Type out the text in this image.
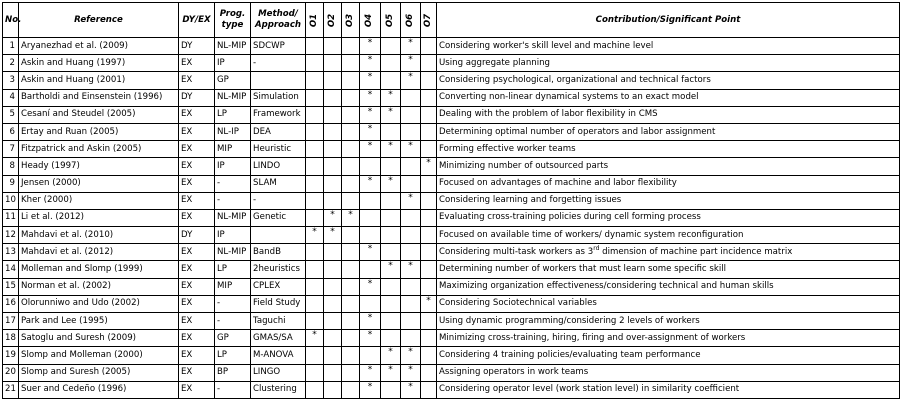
No.	Reference	DY/EX	Prog. type	Method/ Approach	O1	O2	O3	O4	O5	O6	O7	Contribution/Significant Point
1	Aryanezhad et al. (2009)	DY	NL-MIP	SDCWP				*		*		Considering worker's skill level and machine level
2	Askin and Huang (1997)	EX	IP	-				*		*		Using aggregate planning
3	Askin and Huang (2001)	EX	GP					*		*		Considering psychological, organizational and technical factors
4	Bartholdi and Einsenstein (1996)	DY	NL-MIP	Simulation				*	*			Converting non-linear dynamical systems to an exact model
5	Cesaní and Steudel (2005)	EX	LP	Framework				*	*			Dealing with the problem of labor flexibility in CMS
6	Ertay and Ruan (2005)	EX	NL-IP	DEA				*				Determining optimal number of operators and labor assignment
7	Fitzpatrick and Askin (2005)	EX	MIP	Heuristic				*	*	*		Forming effective worker teams
8	Heady (1997)	EX	IP	LINDO							*	Minimizing number of outsourced parts
9	Jensen (2000)	EX	-	SLAM				*	*			Focused on advantages of machine and labor flexibility
10	Kher (2000)	EX	-	-						*		Considering learning and forgetting issues
11	Li et al. (2012)	EX	NL-MIP	Genetic		*	*					Evaluating cross-training policies during cell forming process
12	Mahdavi et al. (2010)	DY	IP		*	*						Focused on available time of workers/ dynamic system reconfiguration
13	Mahdavi et al. (2012)	EX	NL-MIP	BandB				*				Considering multi-task workers as 3rd dimension of machine part incidence matrix
14	Molleman and Slomp (1999)	EX	LP	2heuristics					*	*		Determining number of workers that must learn some specific skill
15	Norman et al. (2002)	EX	MIP	CPLEX				*				Maximizing organization effectiveness/considering technical and human skills
16	Olorunniwo and Udo (2002)	EX	-	Field Study							*	Considering Sociotechnical variables
17	Park and Lee (1995)	EX	-	Taguchi				*				Using dynamic programming/considering 2 levels of workers
18	Satoglu and Suresh (2009)	EX	GP	GMAS/SA	*			*				Minimizing cross-training, hiring, firing and over-assignment of workers
19	Slomp and Molleman (2000)	EX	LP	M-ANOVA					*	*		Considering 4 training policies/evaluating team performance
20	Slomp and Suresh (2005)	EX	BP	LINGO				*	*	*		Assigning operators in work teams
21	Suer and Cedeño (1996)	EX	-	Clustering				*		*		Considering operator level (work station level) in similarity coefficient
